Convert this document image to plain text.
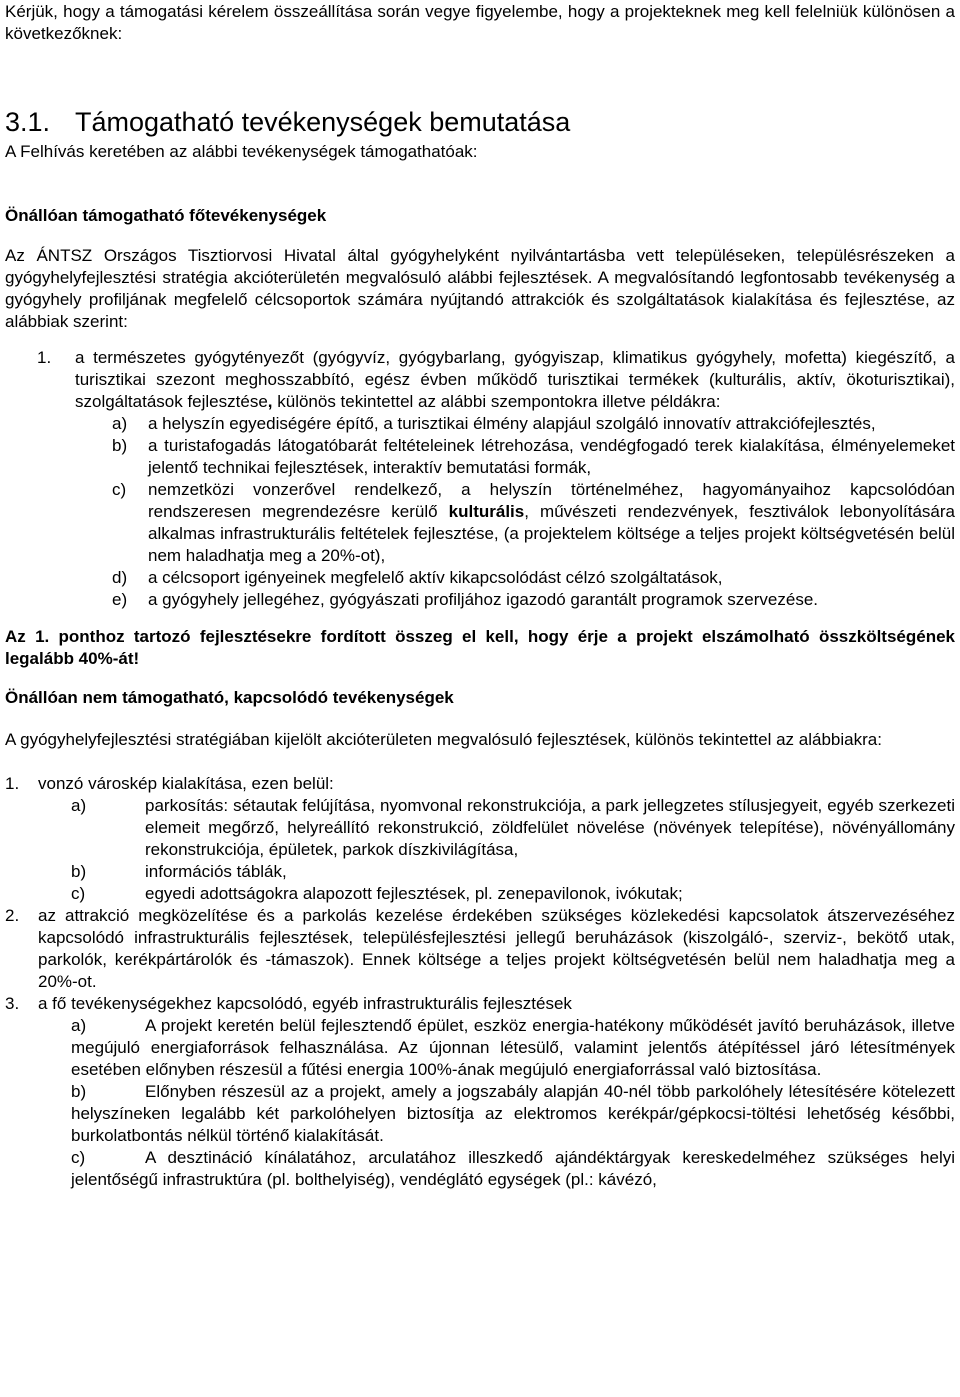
Kérjük, hogy a támogatási kérelem összeállítása során vegye figyelembe, hogy a projekteknek meg kell felelniük különösen a következőknek:

3.1. Támogatható tevékenységek bemutatása

A Felhívás keretében az alábbi tevékenységek támogathatóak:

Önállóan támogatható főtevékenységek

Az ÁNTSZ Országos Tisztiorvosi Hivatal által gyógyhelyként nyilvántartásba vett településeken, településrészeken a gyógyhelyfejlesztési stratégia akcióterületén megvalósuló alábbi fejlesztések. A megvalósítandó legfontosabb tevékenység a gyógyhely profiljának megfelelő célcsoportok számára nyújtandó attrakciók és szolgáltatások kialakítása és fejlesztése, az alábbiak szerint:

1.	a természetes gyógytényezőt (gyógyvíz, gyógybarlang, gyógyiszap, klimatikus gyógyhely, mofetta) kiegészítő, a turisztikai szezont meghosszabbító, egész évben működő turisztikai termékek (kulturális, aktív, ökoturisztikai), szolgáltatások fejlesztése, különös tekintettel az alábbi szempontokra illetve példákra:
a)	a helyszín egyediségére építő, a turisztikai élmény alapjául szolgáló innovatív attrakciófejlesztés,
b)	a turistafogadás látogatóbarát feltételeinek létrehozása, vendégfogadó terek kialakítása, élményelemeket jelentő technikai fejlesztések, interaktív bemutatási formák,
c)	nemzetközi vonzerővel rendelkező, a helyszín történelméhez, hagyományaihoz kapcsolódóan rendszeresen megrendezésre kerülő kulturális, művészeti rendezvények, fesztiválok lebonyolítására alkalmas infrastrukturális feltételek fejlesztése, (a projektelem költsége a teljes projekt költségvetésén belül nem haladhatja meg a 20%-ot),
d)	a célcsoport igényeinek megfelelő aktív kikapcsolódást célzó szolgáltatások,
e)	a gyógyhely jellegéhez, gyógyászati profiljához igazodó garantált programok szervezése.

Az 1. ponthoz tartozó fejlesztésekre fordított összeg el kell, hogy érje a projekt elszámolható összköltségének legalább 40%-át!

Önállóan nem támogatható, kapcsolódó tevékenységek

A gyógyhelyfejlesztési stratégiában kijelölt akcióterületen megvalósuló fejlesztések, különös tekintettel az alábbiakra:

1.	vonzó városkép kialakítása, ezen belül:
a)	parkosítás: sétautak felújítása, nyomvonal rekonstrukciója, a park jellegzetes stílusjegyeit, egyéb szerkezeti elemeit megőrző, helyreállító rekonstrukció, zöldfelület növelése (növények telepítése), növényállomány rekonstrukciója, épületek, parkok díszkivilágítása,
b)	információs táblák,
c)	egyedi adottságokra alapozott fejlesztések, pl. zenepavilonok, ivókutak;
2.	az attrakció megközelítése és a parkolás kezelése érdekében szükséges közlekedési kapcsolatok átszervezéséhez kapcsolódó infrastrukturális fejlesztések, településfejlesztési jellegű beruházások (kiszolgáló-, szerviz-, bekötő utak, parkolók, kerékpártárolók és -támaszok). Ennek költsége a teljes projekt költségvetésén belül nem haladhatja meg a 20%-ot.
3.	a fő tevékenységekhez kapcsolódó, egyéb infrastrukturális fejlesztések

a)	A projekt keretén belül fejlesztendő épület, eszköz energia-hatékony működését javító beruházások, illetve megújuló energiaforrások felhasználása. Az újonnan létesülő, valamint jelentős átépítéssel járó létesítmények esetében előnyben részesül a fűtési energia 100%-ának megújuló energiaforrással való biztosítása.

b)	Előnyben részesül az a projekt, amely a jogszabály alapján 40-nél több parkolóhely létesítésére kötelezett helyszíneken legalább két parkolóhelyen biztosítja az elektromos kerékpár/gépkocsi-töltési lehetőség későbbi, burkolatbontás nélkül történő kialakítását.

c)	A desztináció kínálatához, arculatához illeszkedő ajándéktárgyak kereskedelméhez szükséges helyi jelentőségű infrastruktúra (pl. bolthelyiség), vendéglátó egységek (pl.: kávézó,
